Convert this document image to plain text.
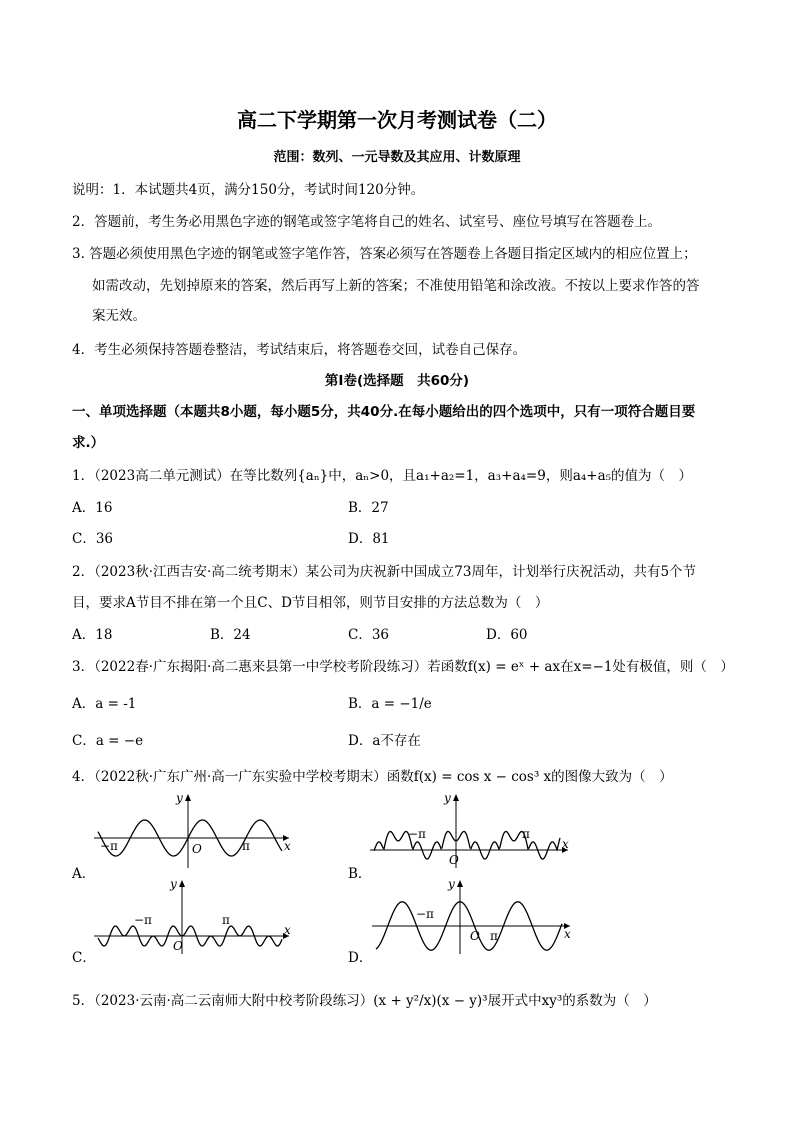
高二下学期第一次月考测试卷（二）
范围：数列、一元导数及其应用、计数原理
说明：1．本试题共4页，满分150分，考试时间120分钟。
2．答题前，考生务必用黑色字迹的钢笔或签字笔将自己的姓名、试室号、座位号填写在答题卷上。
3. 答题必须使用黑色字迹的钢笔或签字笔作答，答案必须写在答题卷上各题目指定区域内的相应位置上；
如需改动，先划掉原来的答案，然后再写上新的答案；不准使用铅笔和涂改液。不按以上要求作答的答
案无效。
4．考生必须保持答题卷整洁，考试结束后，将答题卷交回，试卷自己保存。
第Ⅰ卷(选择题　共60分)
一、单项选择题（本题共8小题，每小题5分，共40分.在每小题给出的四个选项中，只有一项符合题目要
求.）
1．（2023高二单元测试）在等比数列{aₙ}中，aₙ>0，且a₁+a₂=1，a₃+a₄=9，则a₄+a₅的值为（　）
A．16	B．27
C．36	D．81
2．（2023秋·江西吉安·高二统考期末）某公司为庆祝新中国成立73周年，计划举行庆祝活动，共有5个节
目，要求A节目不排在第一个且C、D节目相邻，则节目安排的方法总数为（　）
A．18	B．24	C．36	D．60
3．（2022春·广东揭阳·高二惠来县第一中学校考阶段练习）若函数f(x) = eˣ + ax在x=−1处有极值，则（　）
A．a = -1	B．a = −1/e
C．a = −e	D．a不存在
4．（2022秋·广东广州·高一广东实验中学校考期末）函数f(x) = cos x − cos³ x的图像大致为（　）
A．	B．
C．	D．
y
x
O
−π	π
y
x
O
−π	π
y
x
O
−π	π
y
x
O
−π
π
5．（2023·云南·高二云南师大附中校考阶段练习）(x + y²/x)(x − y)³展开式中xy³的系数为（　）
